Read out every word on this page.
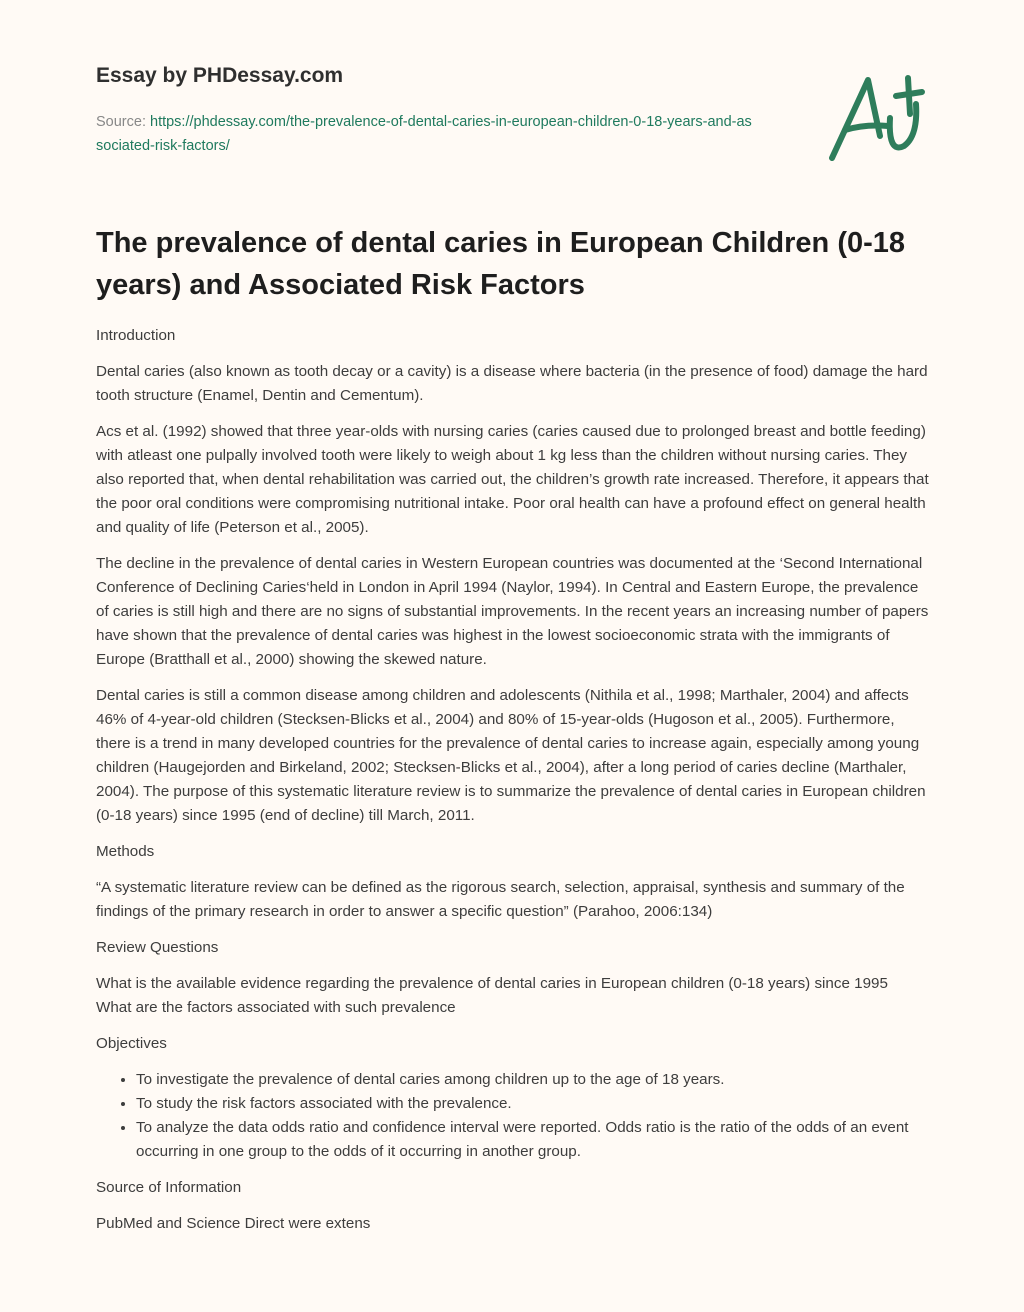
Essay by PHDessay.com
Source: https://phdessay.com/the-prevalence-of-dental-caries-in-european-children-0-18-years-and-associated-risk-factors/
The prevalence of dental caries in European Children (0-18 years) and Associated Risk Factors

Introduction

Dental caries (also known as tooth decay or a cavity) is a disease where bacteria (in the presence of food) damage the hard tooth structure (Enamel, Dentin and Cementum).

Acs et al. (1992) showed that three year-olds with nursing caries (caries caused due to prolonged breast and bottle feeding) with atleast one pulpally involved tooth were likely to weigh about 1 kg less than the children without nursing caries. They also reported that, when dental rehabilitation was carried out, the children’s growth rate increased. Therefore, it appears that the poor oral conditions were compromising nutritional intake. Poor oral health can have a profound effect on general health and quality of life (Peterson et al., 2005).

The decline in the prevalence of dental caries in Western European countries was documented at the ‘Second International Conference of Declining Caries‘held in London in April 1994 (Naylor, 1994). In Central and Eastern Europe, the prevalence of caries is still high and there are no signs of substantial improvements. In the recent years an increasing number of papers have shown that the prevalence of dental caries was highest in the lowest socioeconomic strata with the immigrants of Europe (Bratthall et al., 2000) showing the skewed nature.

Dental caries is still a common disease among children and adolescents (Nithila et al., 1998; Marthaler, 2004) and affects 46% of 4-year-old children (Stecksen-Blicks et al., 2004) and 80% of 15-year-olds (Hugoson et al., 2005). Furthermore, there is a trend in many developed countries for the prevalence of dental caries to increase again, especially among young children (Haugejorden and Birkeland, 2002; Stecksen-Blicks et al., 2004), after a long period of caries decline (Marthaler, 2004). The purpose of this systematic literature review is to summarize the prevalence of dental caries in European children (0-18 years) since 1995 (end of decline) till March, 2011.

Methods

“A systematic literature review can be defined as the rigorous search, selection, appraisal, synthesis and summary of the findings of the primary research in order to answer a specific question” (Parahoo, 2006:134)

Review Questions

What is the available evidence regarding the prevalence of dental caries in European children (0-18 years) since 1995
What are the factors associated with such prevalence

Objectives

• To investigate the prevalence of dental caries among children up to the age of 18 years.
• To study the risk factors associated with the prevalence.
• To analyze the data odds ratio and confidence interval were reported. Odds ratio is the ratio of the odds of an event occurring in one group to the odds of it occurring in another group.

Source of Information

PubMed and Science Direct were extens
